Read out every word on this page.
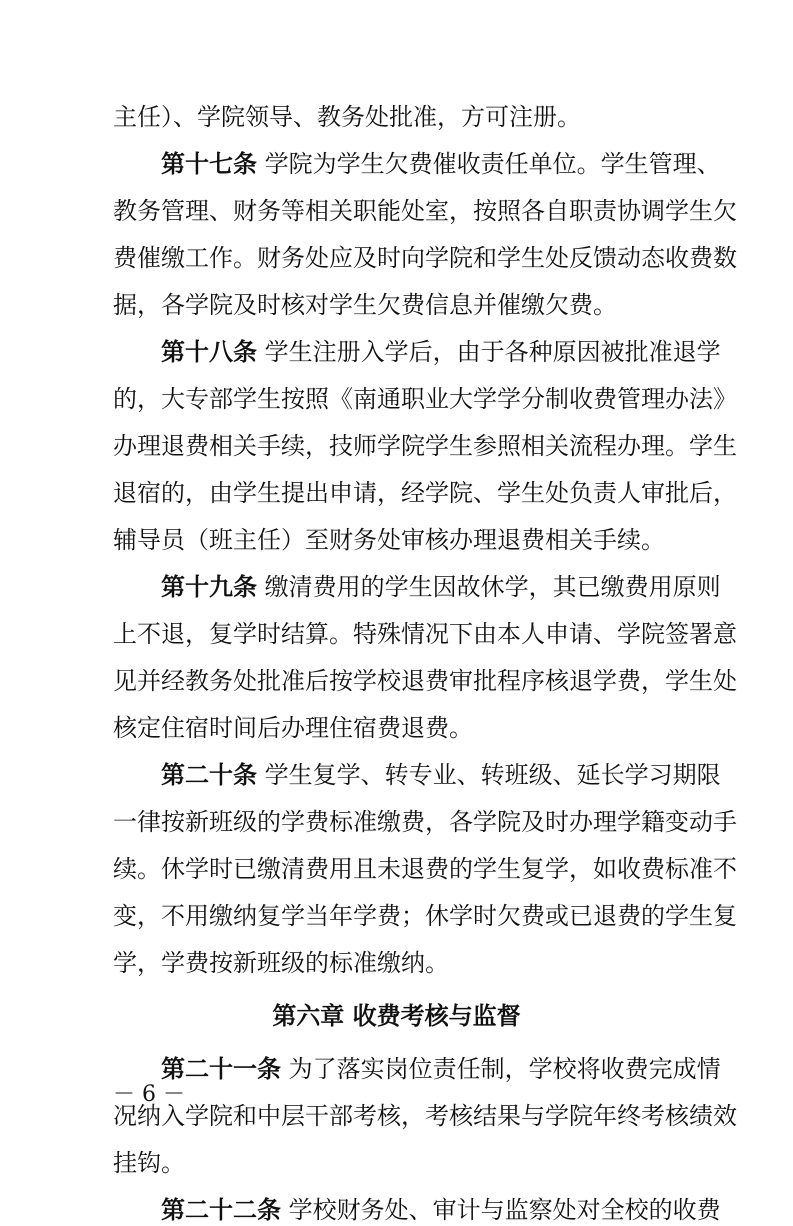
主任）、学院领导、教务处批准，方可注册。
第十七条 学院为学生欠费催收责任单位。学生管理、
教务管理、财务等相关职能处室，按照各自职责协调学生欠
费催缴工作。财务处应及时向学院和学生处反馈动态收费数
据，各学院及时核对学生欠费信息并催缴欠费。
第十八条 学生注册入学后，由于各种原因被批准退学
的，大专部学生按照《南通职业大学学分制收费管理办法》
办理退费相关手续，技师学院学生参照相关流程办理。学生
退宿的，由学生提出申请，经学院、学生处负责人审批后，
辅导员（班主任）至财务处审核办理退费相关手续。
第十九条 缴清费用的学生因故休学，其已缴费用原则
上不退，复学时结算。特殊情况下由本人申请、学院签署意
见并经教务处批准后按学校退费审批程序核退学费，学生处
核定住宿时间后办理住宿费退费。
第二十条 学生复学、转专业、转班级、延长学习期限
一律按新班级的学费标准缴费，各学院及时办理学籍变动手
续。休学时已缴清费用且未退费的学生复学，如收费标准不
变，不用缴纳复学当年学费；休学时欠费或已退费的学生复
学，学费按新班级的标准缴纳。
第六章 收费考核与监督
第二十一条 为了落实岗位责任制，学校将收费完成情
况纳入学院和中层干部考核，考核结果与学院年终考核绩效
挂钩。
第二十二条 学校财务处、审计与监察处对全校的收费
－ 6 －
